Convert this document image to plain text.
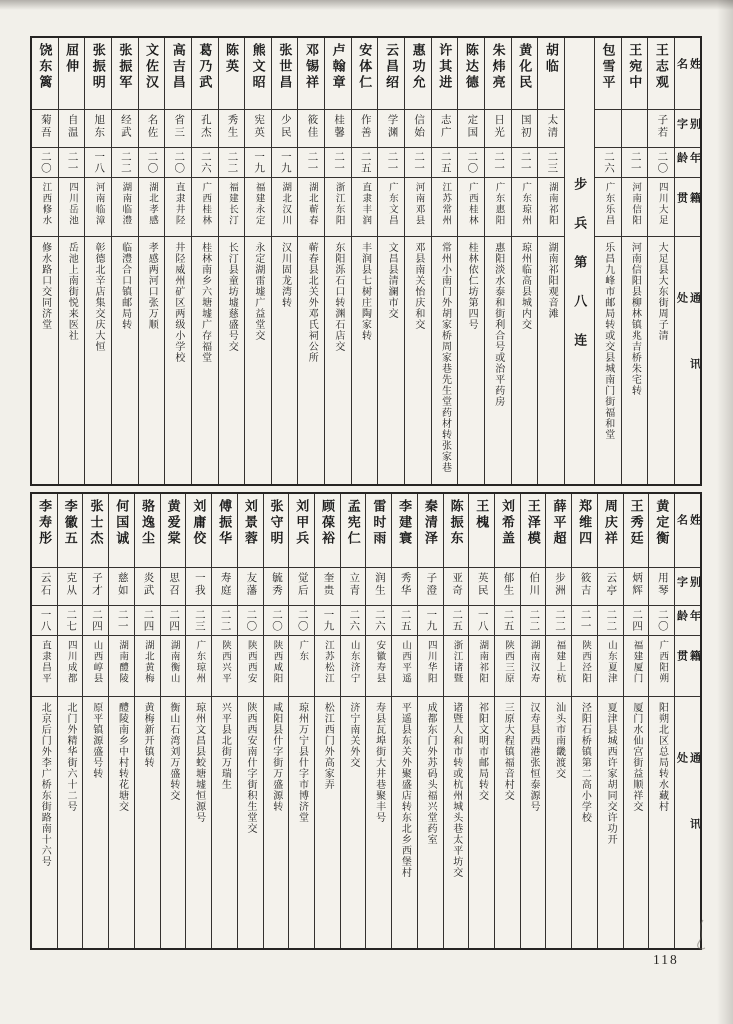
姓名
别字
年龄
籍贯
通讯处
王志观
子若
二〇
四川大足
大足县大东街周子清
王宛中
二一
河南信阳
河南信阳县柳林镇兆吉桥朱宅转
包雪平
二六
广东乐昌
乐昌九峰市邮局转或交县城南门街福和堂
步兵第八连
胡临
太清
二三
湖南祁阳
湖南祁阳观音滩
黄化民
国初
二一
广东琼州
琼州临高县城内交
朱炜亮
日光
二一
广东惠阳
惠阳淡水泰和街利合号或治平药房
陈达德
定国
二〇
广西桂林
桂林依仁坊第四号
许其进
志广
二五
江苏常州
常州小南门外胡家桥周家巷先生堂药材转张家巷
惠功允
信始
二一
河南邓县
邓县南关怡庆和交
云昌绍
学渊
二一
广东文昌
文昌县清澜市交
安体仁
作善
二五
直隶丰润
丰润县七树庄陶家转
卢翰章
桂馨
二一
浙江东阳
东阳泺石口转渊石店交
邓锡祥
筱佳
二一
湖北蕲春
蕲春县北关外邓氏祠公所
张世昌
少民
一九
湖北汉川
汉川固龙湾转
熊文昭
宪英
一九
福建永定
永定湖雷墟广益堂交
陈英
秀生
二二
福建长汀
长汀县童坊墟慈盛号交
葛乃武
孔杰
二六
广西桂林
桂林南乡六塘墟广存福堂
高吉昌
省三
二〇
直隶井陉
井陉威州矿区两级小学校
文佐汉
名佐
二〇
湖北孝感
孝感两河口张万顺
张振军
经武
二二
湖南临澧
临澧合口镇邮局转
张振明
旭东
一八
河南临漳
彰德北辛店集交庆大恒
屈伸
自温
二一
四川岳池
岳池上南街悦来医社
饶东篱
菊吾
二〇
江西修水
修水路口交同济堂
姓名
别字
年龄
籍贯
通讯处
黄定衡
用琴
二〇
广西阳朔
阳朔北区总局转水藏村
王秀廷
炳辉
二四
福建厦门
厦门水仙宫街益顺祥交
周庆祥
云亭
二二
山东夏津
夏津县城西许家胡同交许功开
郑维四
筱吉
二一
陕西泾阳
泾阳石桥镇第二高小学校
薛平超
步洲
二二
福建上杭
汕头市南畿渡交
王泽模
伯川
二二
湖南汉寿
汉寿县西港张恒泰源号
刘希盖
郁生
二五
陕西三原
三原大程镇福音村交
王槐
英民
一八
湖南祁阳
祁阳文明市邮局转交
陈振东
亚奇
二五
浙江诸暨
诸暨人和市转或杭州城头巷太平坊交
秦清泽
子澄
一九
四川华阳
成都东门外苏码头福兴堂药室
李建寰
秀华
二五
山西平遥
平遥县东关外聚盛店转东北乡西堡村
雷时雨
润生
二六
安徽寿县
寿县瓦埠街大井巷聚丰号
孟宪仁
立青
二六
山东济宁
济宁南关外交
顾葆裕
奎贵
一九
江苏松江
松江西门外高家弄
刘甲兵
觉后
二〇
广东
琼州万宁县什字市博济堂
张守明
毓秀
二〇
陕西咸阳
咸阳县什字街万盛源转
刘景蓉
友藩
二〇
陕西西安
陕西西安南什字街积生堂交
傅振华
寿庭
二二
陕西兴平
兴平县北街万瑞生
刘庸佼
一我
二三
广东琼州
琼州文昌县蛟塘墟恒源号
黄爱棠
思召
二四
湖南衡山
衡山石湾刘万盛转交
骆逸尘
炎武
二四
湖北黄梅
黄梅新开镇转
何国诚
慈如
二一
湖南醴陵
醴陵南乡中村转花塘交
张士杰
子才
二四
山西崞县
原平镇源盛号转
李徽五
克从
二七
四川成都
北门外精华街六十二号
李寿彤
云石
一八
直隶昌平
北京后门外李广桥东街路南十六号
118
